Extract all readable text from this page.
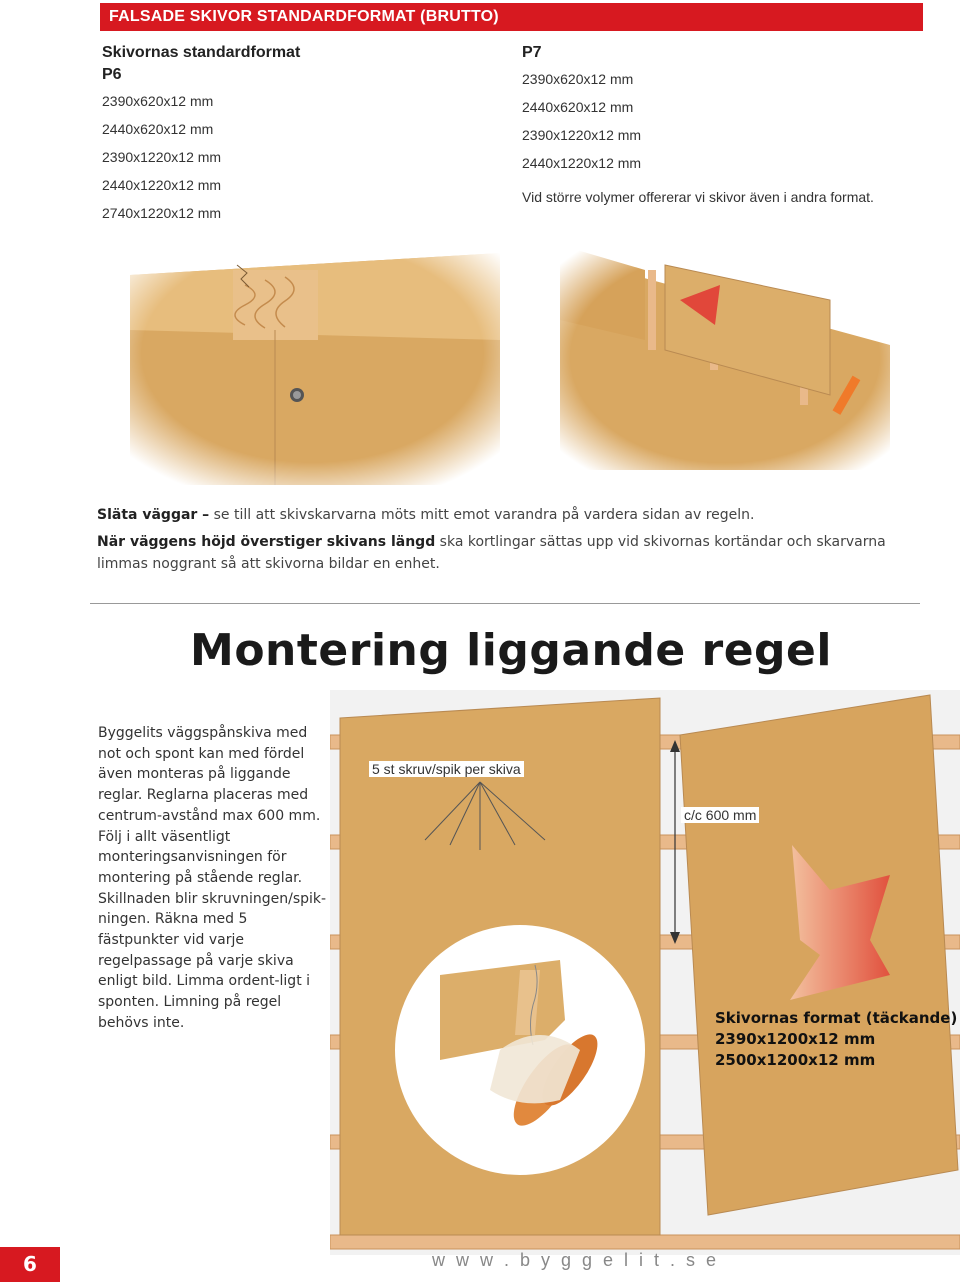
FALSADE SKIVOR STANDARDFORMAT (BRUTTO)
Skivornas standardformat
P6
2390x620x12 mm
2440x620x12 mm
2390x1220x12 mm
2440x1220x12 mm
2740x1220x12 mm
P7
2390x620x12 mm
2440x620x12 mm
2390x1220x12 mm
2440x1220x12 mm
Vid större volymer offererar vi skivor även i andra format.
Släta väggar – se till att skivskarvarna möts mitt emot varandra på vardera sidan av regeln.
När väggens höjd överstiger skivans längd ska kortlingar sättas upp vid skivornas kortändar och skarvarna limmas noggrant så att skivorna bildar en enhet.
Montering liggande regel
Byggelits väggspånskiva med not och spont kan med fördel även monteras på liggande reglar. Reglarna placeras med centrum-avstånd max 600 mm. Följ i allt väsentligt monteringsanvisningen för montering på stående reglar. Skillnaden blir skruvningen/spik-ningen. Räkna med 5 fästpunkter vid varje regelpassage på varje skiva enligt bild. Limma ordent-ligt i sponten. Limning på regel behövs inte.
5 st skruv/spik per skiva
c/c 600 mm
Skivornas format (täckande)
2390x1200x12 mm
2500x1200x12 mm
6	w w w . b y g g e l i t . s e
